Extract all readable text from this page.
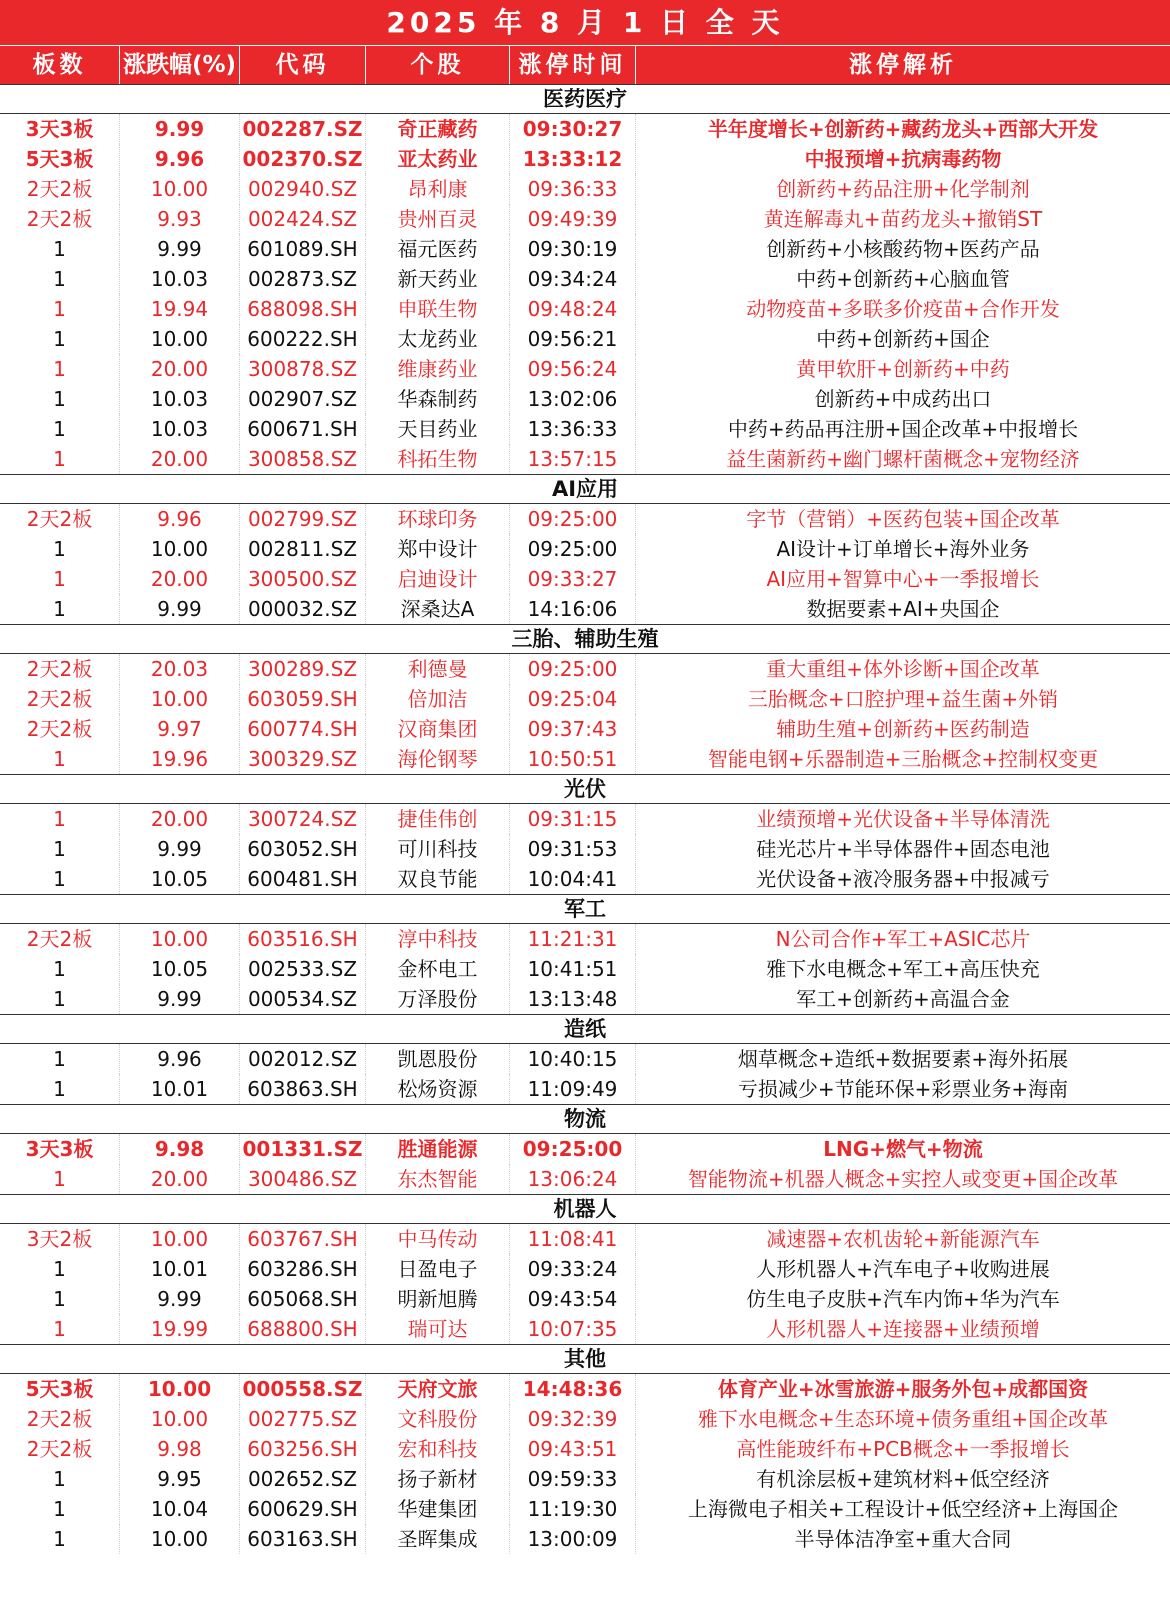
2025 年 8 月 1 日 全 天
板数	涨跌幅(%)	代码	个股	涨停时间	涨停解析
医药医疗
3天3板	9.99	002287.SZ	奇正藏药	09:30:27	半年度增长+创新药+藏药龙头+西部大开发
5天3板	9.96	002370.SZ	亚太药业	13:33:12	中报预增+抗病毒药物
2天2板	10.00	002940.SZ	昂利康	09:36:33	创新药+药品注册+化学制剂
2天2板	9.93	002424.SZ	贵州百灵	09:49:39	黄连解毒丸+苗药龙头+撤销ST
1	9.99	601089.SH	福元医药	09:30:19	创新药+小核酸药物+医药产品
1	10.03	002873.SZ	新天药业	09:34:24	中药+创新药+心脑血管
1	19.94	688098.SH	申联生物	09:48:24	动物疫苗+多联多价疫苗+合作开发
1	10.00	600222.SH	太龙药业	09:56:21	中药+创新药+国企
1	20.00	300878.SZ	维康药业	09:56:24	黄甲软肝+创新药+中药
1	10.03	002907.SZ	华森制药	13:02:06	创新药+中成药出口
1	10.03	600671.SH	天目药业	13:36:33	中药+药品再注册+国企改革+中报增长
1	20.00	300858.SZ	科拓生物	13:57:15	益生菌新药+幽门螺杆菌概念+宠物经济
AI应用
2天2板	9.96	002799.SZ	环球印务	09:25:00	字节（营销）+医药包装+国企改革
1	10.00	002811.SZ	郑中设计	09:25:00	AI设计+订单增长+海外业务
1	20.00	300500.SZ	启迪设计	09:33:27	AI应用+智算中心+一季报增长
1	9.99	000032.SZ	深桑达A	14:16:06	数据要素+AI+央国企
三胎、辅助生殖
2天2板	20.03	300289.SZ	利德曼	09:25:00	重大重组+体外诊断+国企改革
2天2板	10.00	603059.SH	倍加洁	09:25:04	三胎概念+口腔护理+益生菌+外销
2天2板	9.97	600774.SH	汉商集团	09:37:43	辅助生殖+创新药+医药制造
1	19.96	300329.SZ	海伦钢琴	10:50:51	智能电钢+乐器制造+三胎概念+控制权变更
光伏
1	20.00	300724.SZ	捷佳伟创	09:31:15	业绩预增+光伏设备+半导体清洗
1	9.99	603052.SH	可川科技	09:31:53	硅光芯片+半导体器件+固态电池
1	10.05	600481.SH	双良节能	10:04:41	光伏设备+液冷服务器+中报减亏
军工
2天2板	10.00	603516.SH	淳中科技	11:21:31	N公司合作+军工+ASIC芯片
1	10.05	002533.SZ	金杯电工	10:41:51	雅下水电概念+军工+高压快充
1	9.99	000534.SZ	万泽股份	13:13:48	军工+创新药+高温合金
造纸
1	9.96	002012.SZ	凯恩股份	10:40:15	烟草概念+造纸+数据要素+海外拓展
1	10.01	603863.SH	松炀资源	11:09:49	亏损减少+节能环保+彩票业务+海南
物流
3天3板	9.98	001331.SZ	胜通能源	09:25:00	LNG+燃气+物流
1	20.00	300486.SZ	东杰智能	13:06:24	智能物流+机器人概念+实控人或变更+国企改革
机器人
3天2板	10.00	603767.SH	中马传动	11:08:41	减速器+农机齿轮+新能源汽车
1	10.01	603286.SH	日盈电子	09:33:24	人形机器人+汽车电子+收购进展
1	9.99	605068.SH	明新旭腾	09:43:54	仿生电子皮肤+汽车内饰+华为汽车
1	19.99	688800.SH	瑞可达	10:07:35	人形机器人+连接器+业绩预增
其他
5天3板	10.00	000558.SZ	天府文旅	14:48:36	体育产业+冰雪旅游+服务外包+成都国资
2天2板	10.00	002775.SZ	文科股份	09:32:39	雅下水电概念+生态环境+债务重组+国企改革
2天2板	9.98	603256.SH	宏和科技	09:43:51	高性能玻纤布+PCB概念+一季报增长
1	9.95	002652.SZ	扬子新材	09:59:33	有机涂层板+建筑材料+低空经济
1	10.04	600629.SH	华建集团	11:19:30	上海微电子相关+工程设计+低空经济+上海国企
1	10.00	603163.SH	圣晖集成	13:00:09	半导体洁净室+重大合同
